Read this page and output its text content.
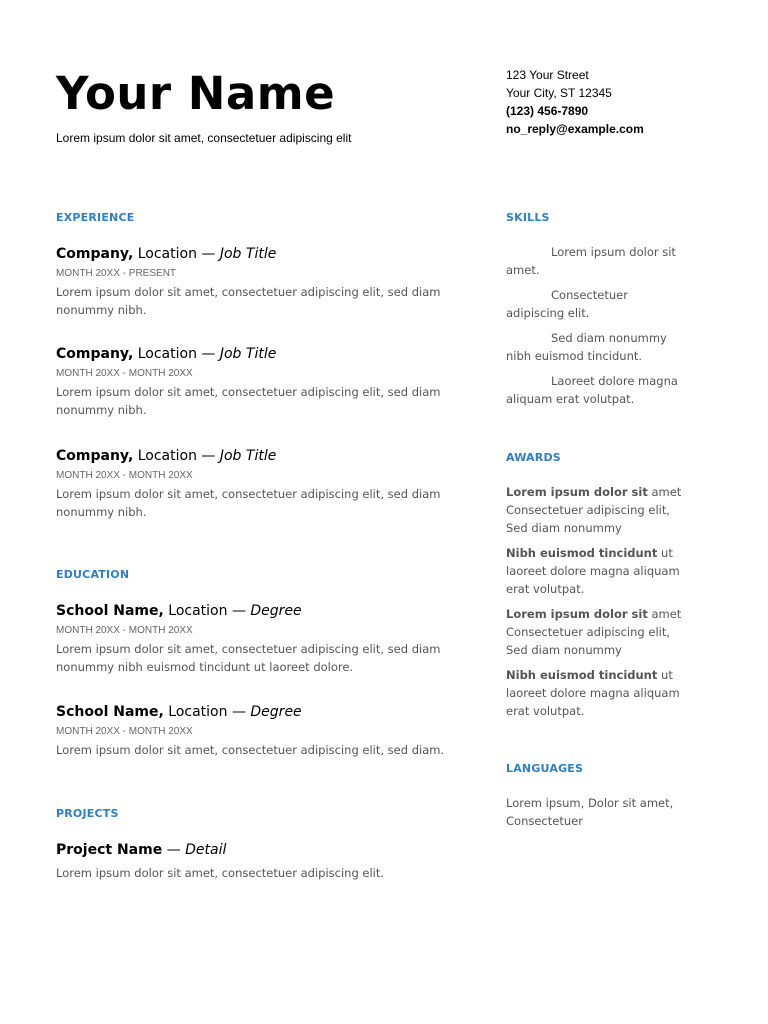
Your Name
Lorem ipsum dolor sit amet, consectetuer adipiscing elit
123 Your Street
Your City, ST 12345
(123) 456-7890
no_reply@example.com
EXPERIENCE
Company, Location — Job Title
MONTH 20XX - PRESENT
Lorem ipsum dolor sit amet, consectetuer adipiscing elit, sed diam nonummy nibh.
Company, Location — Job Title
MONTH 20XX - MONTH 20XX
Lorem ipsum dolor sit amet, consectetuer adipiscing elit, sed diam nonummy nibh.
Company, Location — Job Title
MONTH 20XX - MONTH 20XX
Lorem ipsum dolor sit amet, consectetuer adipiscing elit, sed diam nonummy nibh.
EDUCATION
School Name, Location — Degree
MONTH 20XX - MONTH 20XX
Lorem ipsum dolor sit amet, consectetuer adipiscing elit, sed diam nonummy nibh euismod tincidunt ut laoreet dolore.
School Name, Location — Degree
MONTH 20XX - MONTH 20XX
Lorem ipsum dolor sit amet, consectetuer adipiscing elit, sed diam.
PROJECTS
Project Name — Detail
Lorem ipsum dolor sit amet, consectetuer adipiscing elit.
SKILLS
Lorem ipsum dolor sit amet.
Consectetuer adipiscing elit.
Sed diam nonummy nibh euismod tincidunt.
Laoreet dolore magna aliquam erat volutpat.
AWARDS
Lorem ipsum dolor sit amet Consectetuer adipiscing elit, Sed diam nonummy
Nibh euismod tincidunt ut laoreet dolore magna aliquam erat volutpat.
Lorem ipsum dolor sit amet Consectetuer adipiscing elit, Sed diam nonummy
Nibh euismod tincidunt ut laoreet dolore magna aliquam erat volutpat.
LANGUAGES
Lorem ipsum, Dolor sit amet, Consectetuer
